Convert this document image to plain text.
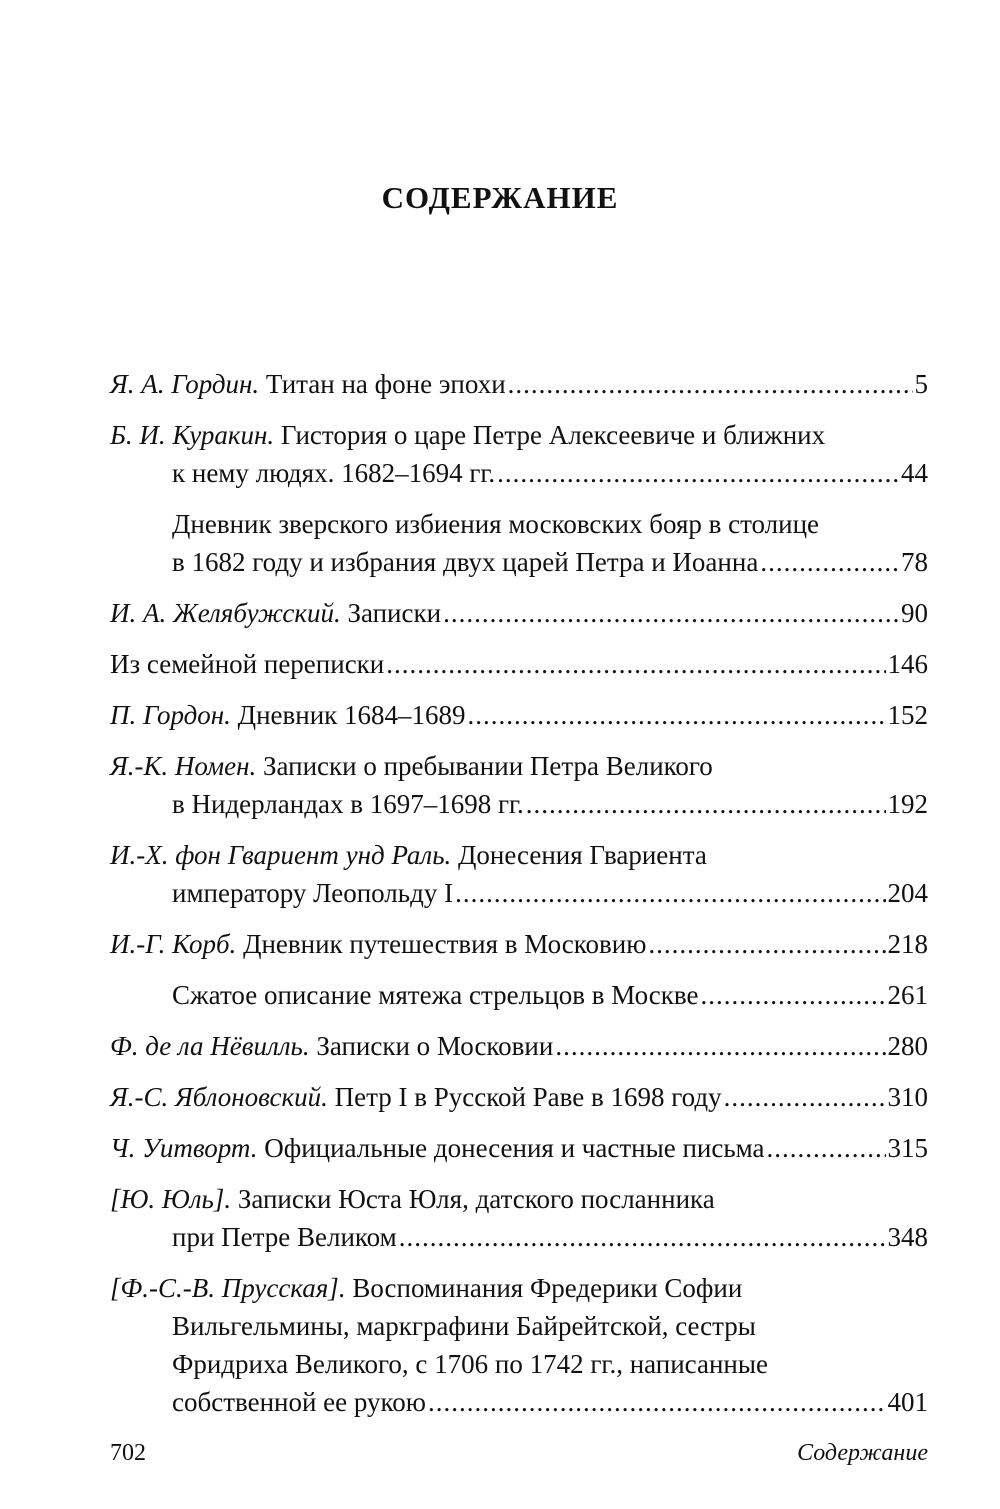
СОДЕРЖАНИЕ
Я. А. Гордин. Титан на фоне эпохи .....	5
Б. И. Куракин. Гистория о царе Петре Алексеевиче и ближних
к нему людях. 1682–1694 гг. .....	44
Дневник зверского избиения московских бояр в столице
в 1682 году и избрания двух царей Петра и Иоанна .....	78
И. А. Желябужский. Записки .....	90
Из семейной переписки .....	146
П. Гордон. Дневник 1684–1689 .....	152
Я.-К. Номен. Записки о пребывании Петра Великого
в Нидерландах в 1697–1698 гг. .....	192
И.-Х. фон Гвариент унд Раль. Донесения Гвариента
императору Леопольду I .....	204
И.-Г. Корб. Дневник путешествия в Московию .....	218
Сжатое описание мятежа стрельцов в Москве .....	261
Ф. де ла Нёвилль. Записки о Московии .....	280
Я.-С. Яблоновский. Петр I в Русской Раве в 1698 году .....	310
Ч. Уитворт. Официальные донесения и частные письма .....	315
[Ю. Юль]. Записки Юста Юля, датского посланника
при Петре Великом .....	348
[Ф.-С.-В. Прусская]. Воспоминания Фредерики Софии
Вильгельмины, маркграфини Байрейтской, сестры
Фридриха Великого, с 1706 по 1742 гг., написанные
собственной ее рукою .....	401
702	Содержание
